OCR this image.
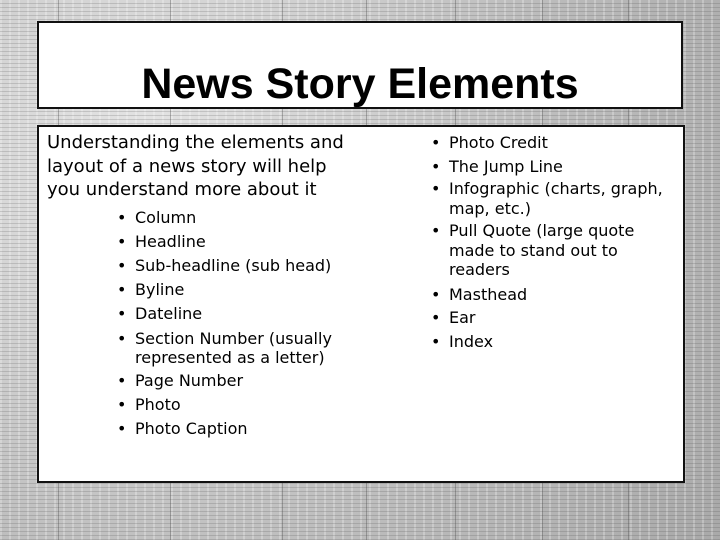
News Story Elements

Understanding the elements and layout of a news story will help you understand more about it

• Column
• Headline
• Sub-headline (sub head)
• Byline
• Dateline
• Section Number (usually represented as a letter)
• Page Number
• Photo
• Photo Caption
• Photo Credit
• The Jump Line
• Infographic (charts, graph, map, etc.)
• Pull Quote (large quote made to stand out to readers
• Masthead
• Ear
• Index
